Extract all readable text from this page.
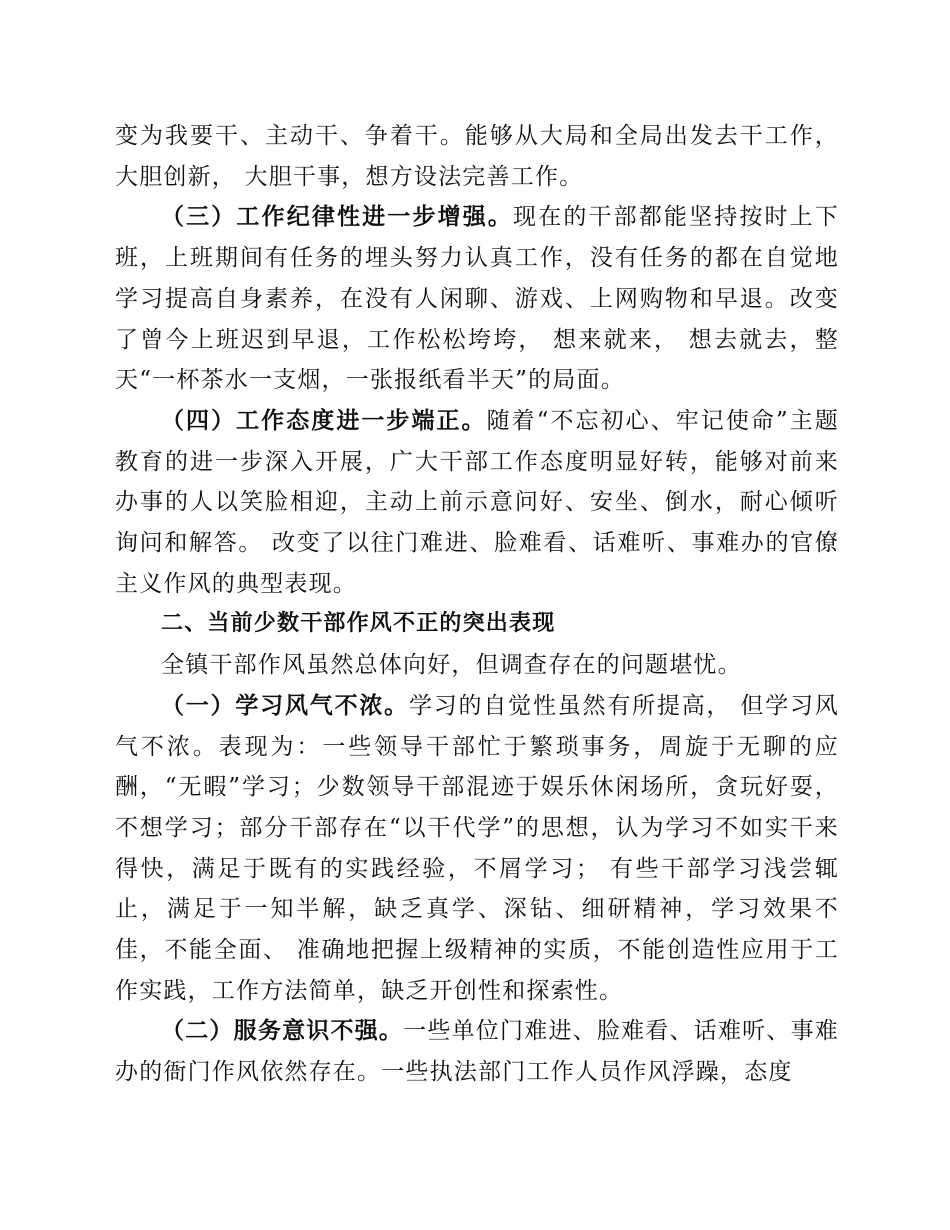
变为我要干、主动干、争着干。能够从大局和全局出发去干工作，大胆创新， 大胆干事，想方设法完善工作。

（三）工作纪律性进一步增强。现在的干部都能坚持按时上下班，上班期间有任务的埋头努力认真工作，没有任务的都在自觉地学习提高自身素养，在没有人闲聊、游戏、上网购物和早退。改变了曾今上班迟到早退，工作松松垮垮， 想来就来， 想去就去，整天“一杯茶水一支烟，一张报纸看半天”的局面。

（四）工作态度进一步端正。随着“不忘初心、牢记使命”主题教育的进一步深入开展，广大干部工作态度明显好转，能够对前来办事的人以笑脸相迎，主动上前示意问好、安坐、倒水，耐心倾听询问和解答。 改变了以往门难进、脸难看、话难听、事难办的官僚主义作风的典型表现。

二、当前少数干部作风不正的突出表现

全镇干部作风虽然总体向好，但调查存在的问题堪忧。

（一）学习风气不浓。学习的自觉性虽然有所提高， 但学习风气不浓。表现为：一些领导干部忙于繁琐事务，周旋于无聊的应酬，“无暇”学习；少数领导干部混迹于娱乐休闲场所，贪玩好耍，不想学习；部分干部存在“以干代学”的思想，认为学习不如实干来得快，满足于既有的实践经验，不屑学习； 有些干部学习浅尝辄止，满足于一知半解，缺乏真学、深钻、细研精神，学习效果不佳，不能全面、 准确地把握上级精神的实质，不能创造性应用于工作实践，工作方法简单，缺乏开创性和探索性。

（二）服务意识不强。一些单位门难进、脸难看、话难听、事难办的衙门作风依然存在。一些执法部门工作人员作风浮躁，态度
